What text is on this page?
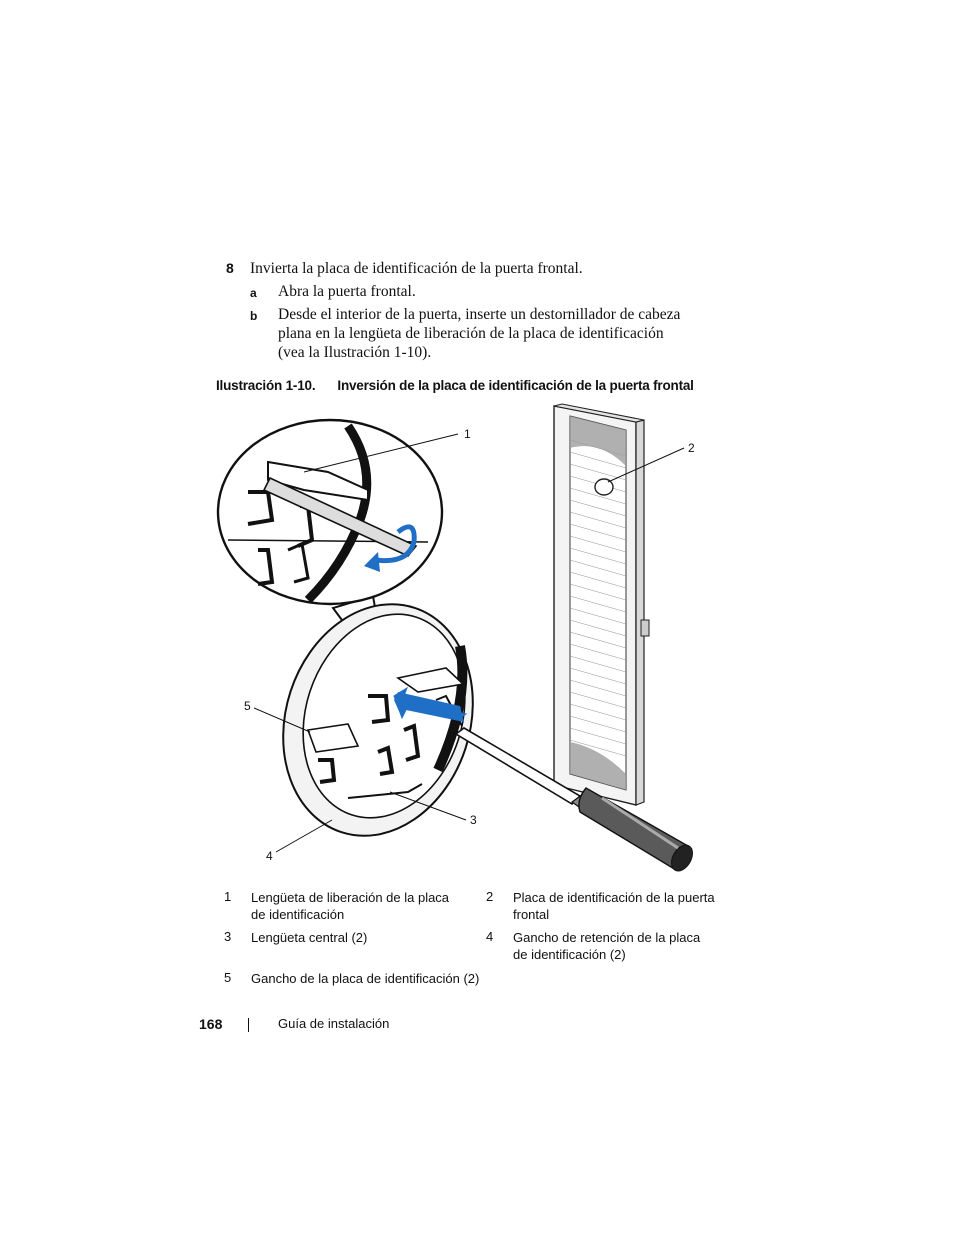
8 Invierta la placa de identificación de la puerta frontal.
a Abra la puerta frontal.
b Desde el interior de la puerta, inserte un destornillador de cabeza
plana en la lengüeta de liberación de la placa de identificación
(vea la Ilustración 1-10).
Ilustración 1-10. Inversión de la placa de identificación de la puerta frontal
1
2
3
4
5
1 Lengüeta de liberación de la placa
de identificación
2 Placa de identificación de la puerta
frontal
3 Lengüeta central (2)	4 Gancho de retención de la placa
de identificación (2)
5 Gancho de la placa de identificación (2)
168	Guía de instalación
